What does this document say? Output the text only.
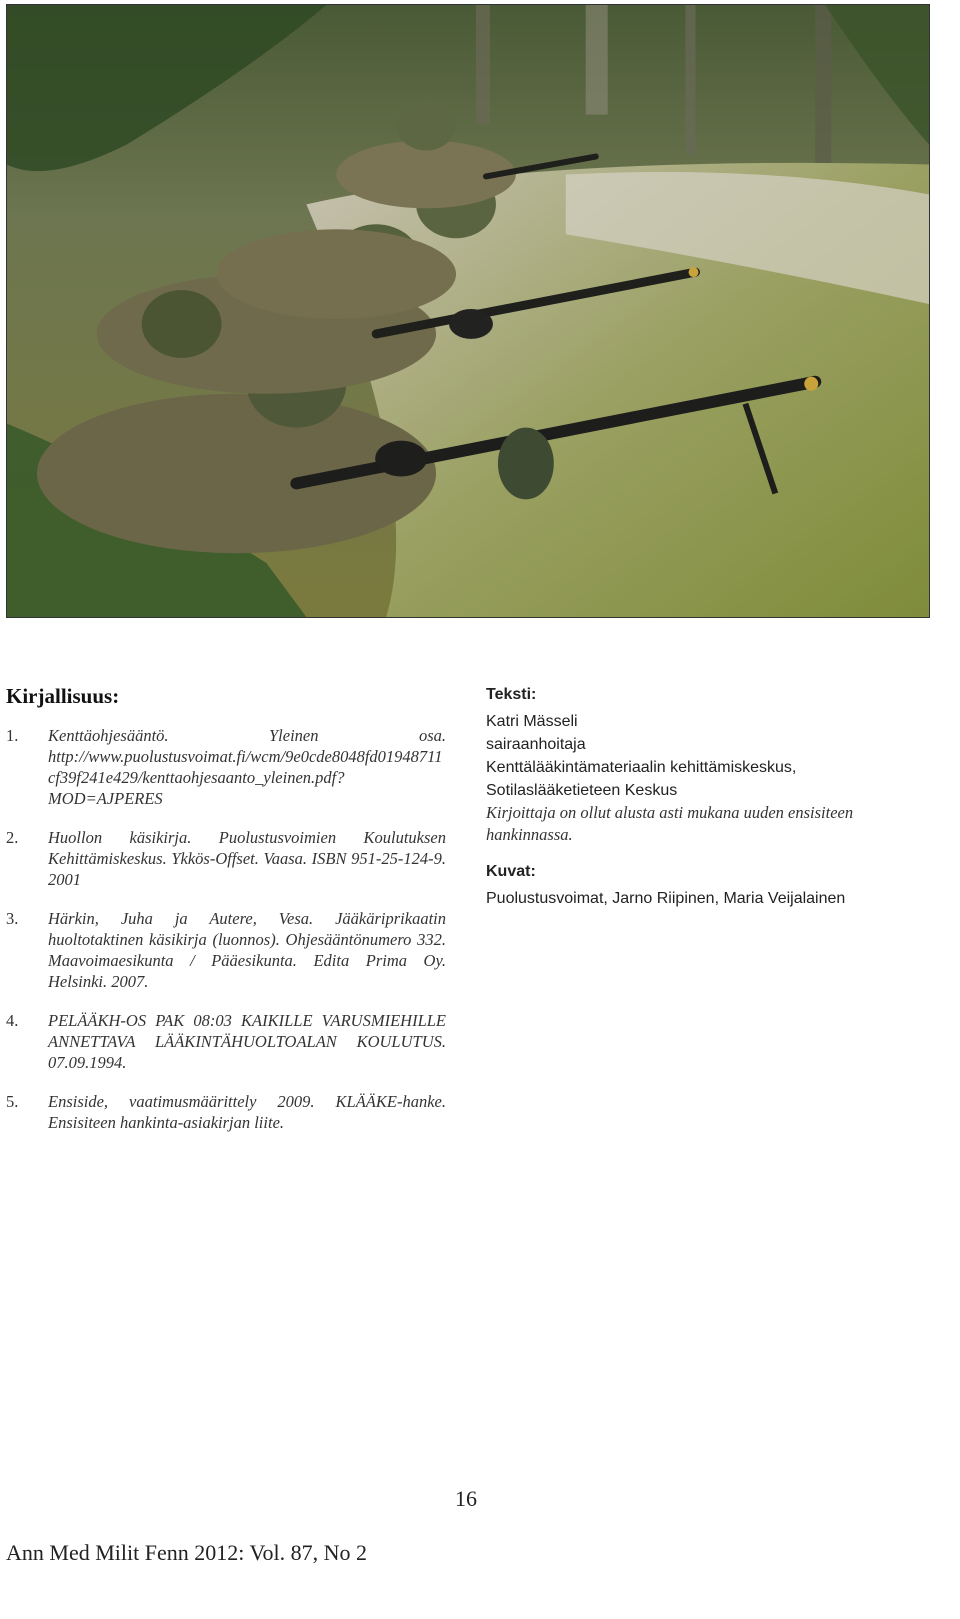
Kirjallisuus:
1. Kenttäohjesääntö. Yleinen osa. http://www.puolustusvoimat.fi/wcm/9e0cde8048fd01948711cf39f241e429/kenttaohjesaanto_yleinen.pdf?MOD=AJPERES
2. Huollon käsikirja. Puolustusvoimien Koulutuksen Kehittämiskeskus. Ykkös-Offset. Vaasa. ISBN 951-25-124-9. 2001
3. Härkin, Juha ja Autere, Vesa. Jääkäriprikaatin huoltotaktinen käsikirja (luonnos). Ohjesääntönumero 332. Maavoimaesikunta / Pääesikunta. Edita Prima Oy. Helsinki. 2007.
4. PELÄÄKH-OS PAK 08:03 KAIKILLE VARUSMIEHILLE ANNETTAVA LÄÄKINTÄHUOLTOALAN KOULUTUS. 07.09.1994.
5. Ensiside, vaatimusmäärittely 2009. KLÄÄKE-hanke. Ensisiteen hankinta-asiakirjan liite.
Teksti:
Katri Mässeli
sairaanhoitaja
Kenttälääkintämateriaalin kehittämiskeskus,
Sotilaslääketieteen Keskus
Kirjoittaja on ollut alusta asti mukana uuden ensisiteen hankinnassa.
Kuvat:
Puolustusvoimat, Jarno Riipinen, Maria Veijalainen
16
Ann Med Milit Fenn 2012: Vol. 87, No 2
